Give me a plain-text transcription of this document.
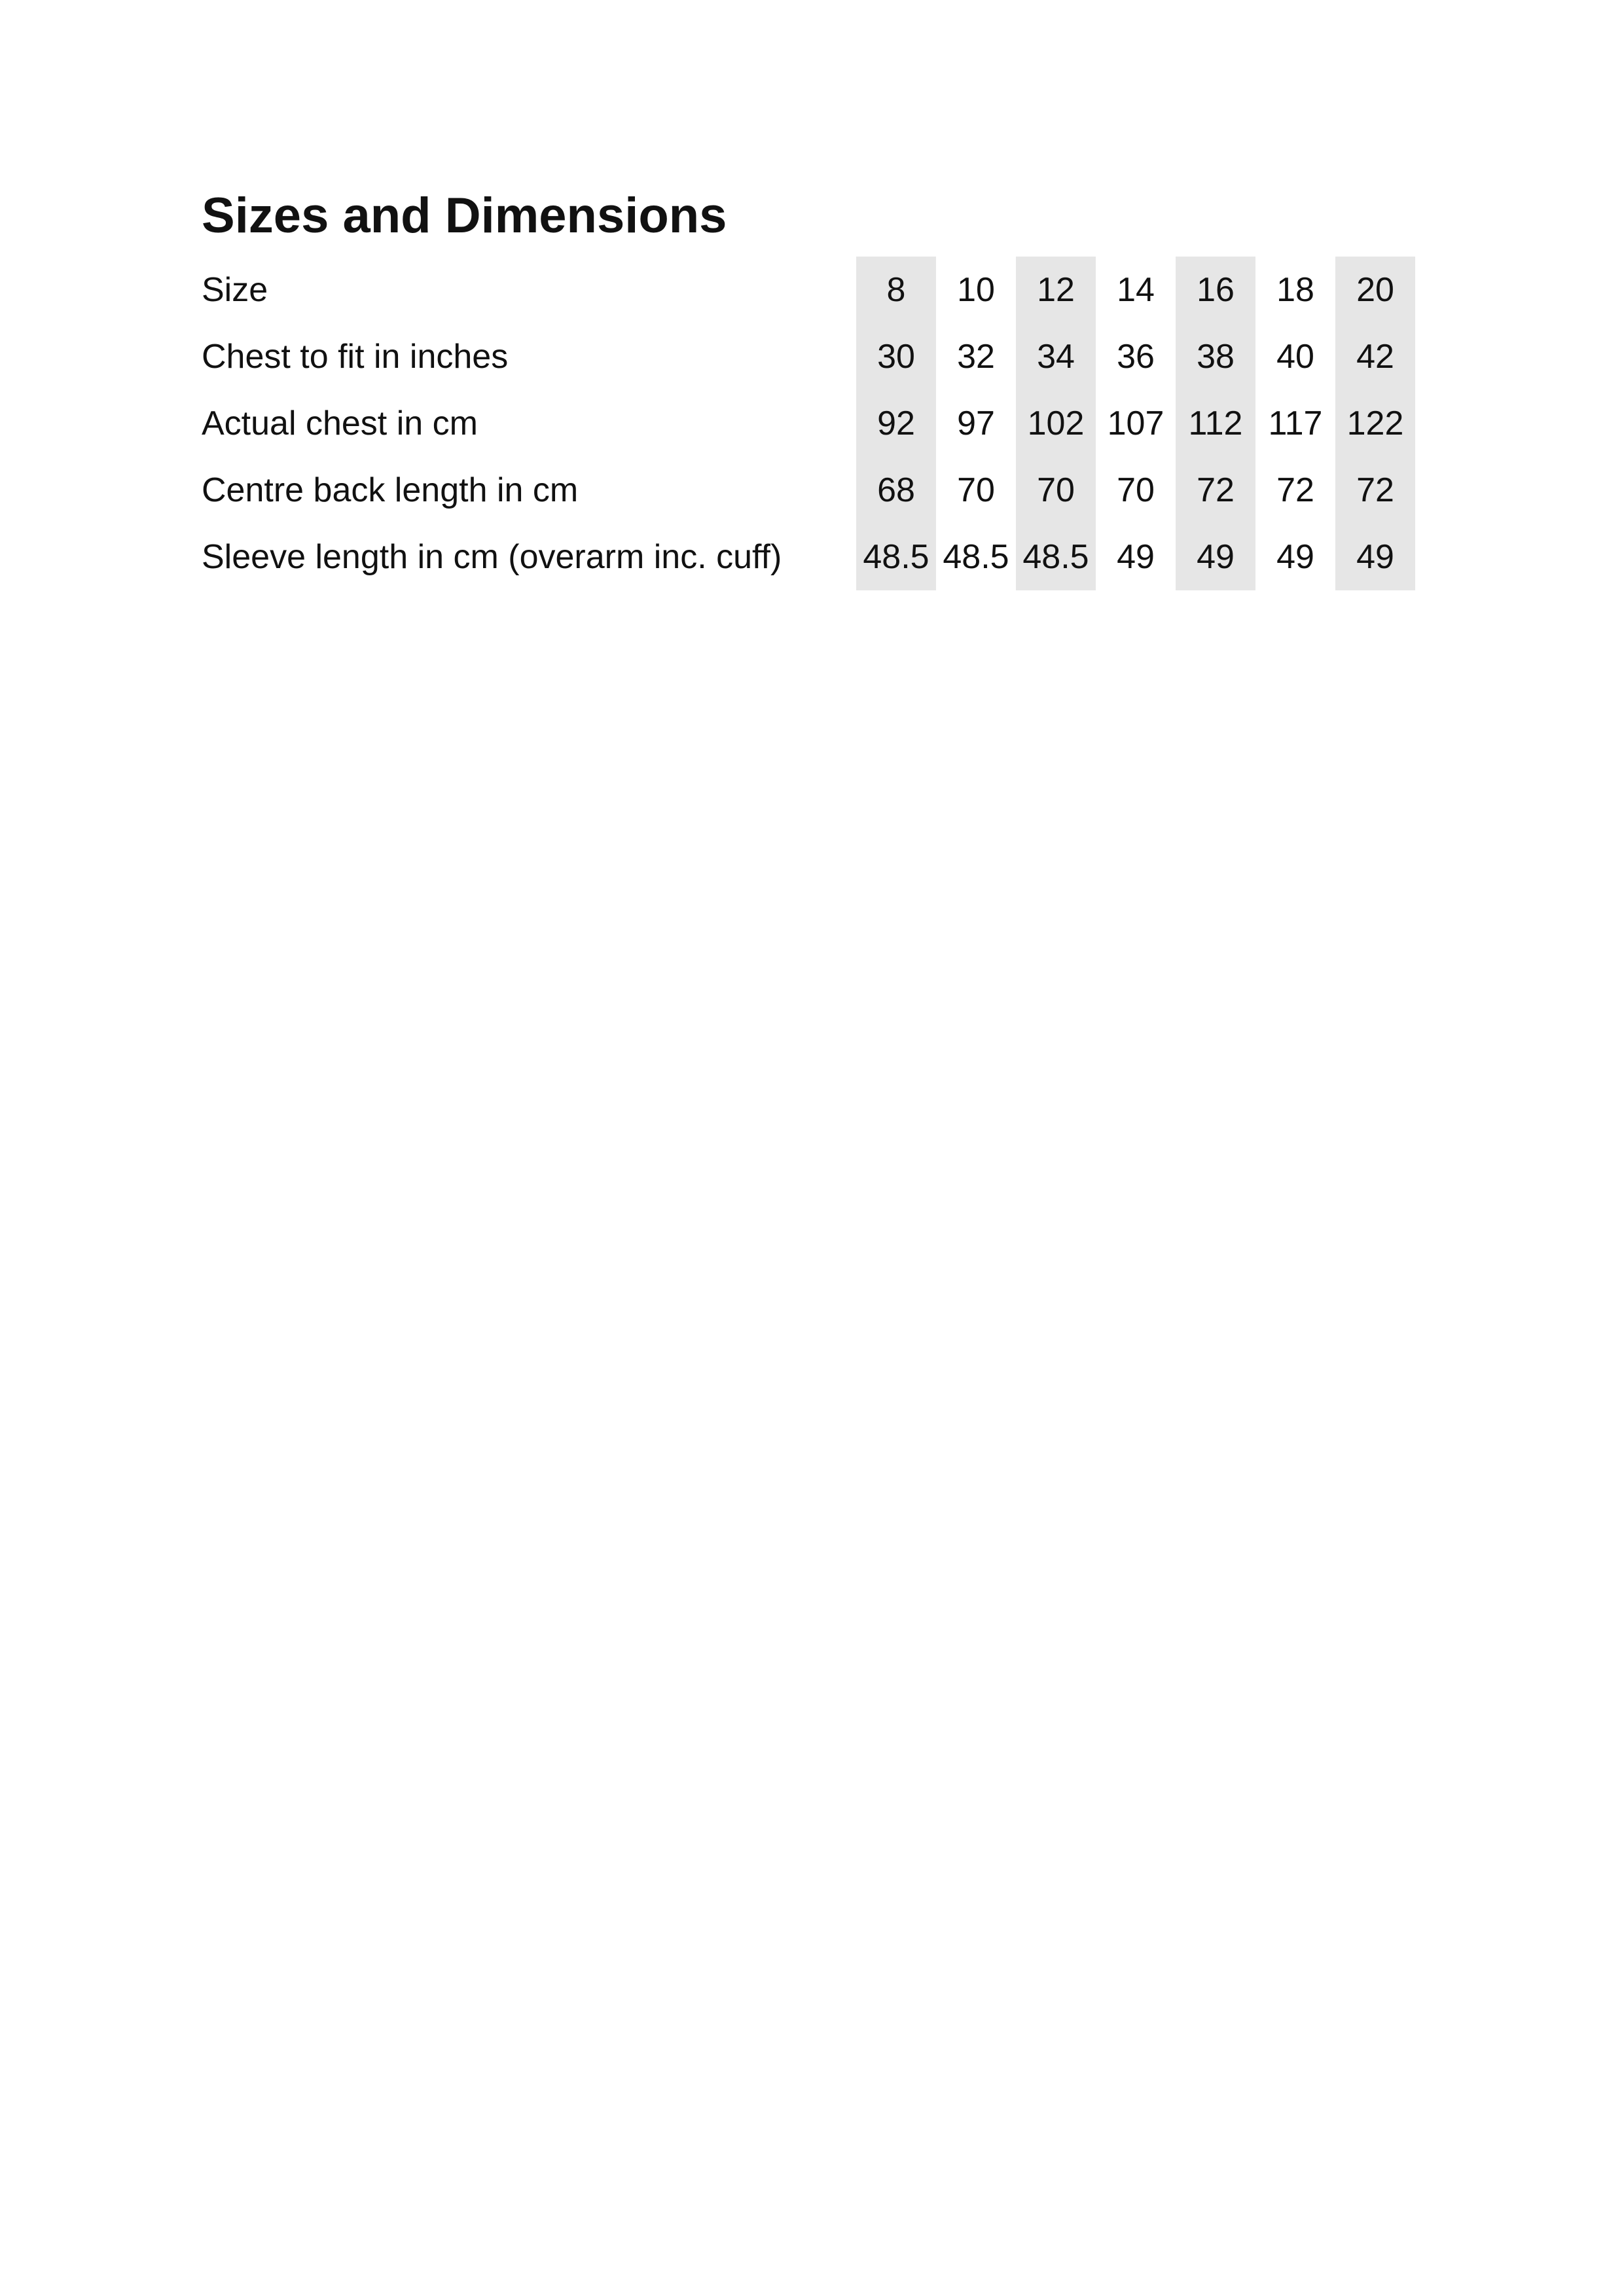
Sizes and Dimensions
Size	8	10	12	14	16	18	20
Chest to fit in inches	30	32	34	36	38	40	42
Actual chest in cm	92	97	102	107	112	117	122
Centre back length in cm	68	70	70	70	72	72	72
Sleeve length in cm (overarm inc. cuff)	48.5	48.5	48.5	49	49	49	49
